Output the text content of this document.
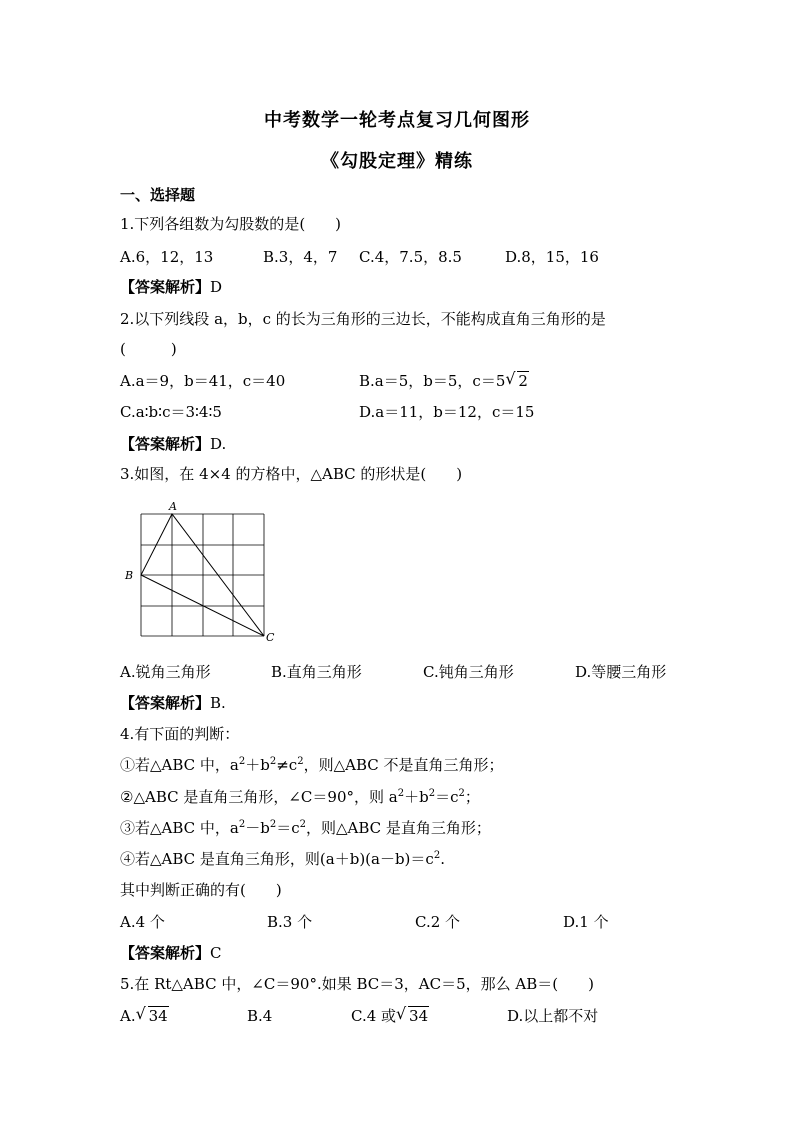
中考数学一轮考点复习几何图形
《勾股定理》精练
一、选择题
1.下列各组数为勾股数的是(　　)
A.6，12，13	B.3，4，7 C.4，7.5，8.5	D.8，15，16
【答案解析】D
2.以下列线段 a，b，c 的长为三角形的三边长，不能构成直角三角形的是
(　　　)
A.a＝9，b＝41，c＝40	B.a＝5，b＝5，c＝5 √ 2
C.a∶b∶c＝3∶4∶5	D.a＝11，b＝12，c＝15
【答案解析】D.
3.如图，在 4×4 的方格中，△ABC 的形状是(　　)
A
B
C
A.锐角三角形	B.直角三角形	C.钝角三角形	D.等腰三角形
【答案解析】B.
4.有下面的判断：
①若△ABC 中，$a^2+b^2\ne c^2$，则△ABC 不是直角三角形；
②△ABC 是直角三角形，∠C＝90°，则 $a^2+b^2=c^2$；
③若△ABC 中，$a^2-b^2=c^2$，则△ABC 是直角三角形；
④若△ABC 是直角三角形，则$(a+b)(a-b)=c^2$.
其中判断正确的有(　　)
A.4 个	B.3 个	C.2 个	D.1 个
【答案解析】C
5.在 Rt△ABC 中，∠C＝90°.如果 BC＝3，AC＝5，那么 AB＝(　　)
A. √ 34	B.4	C.4 或 √ 34	D.以上都不对
